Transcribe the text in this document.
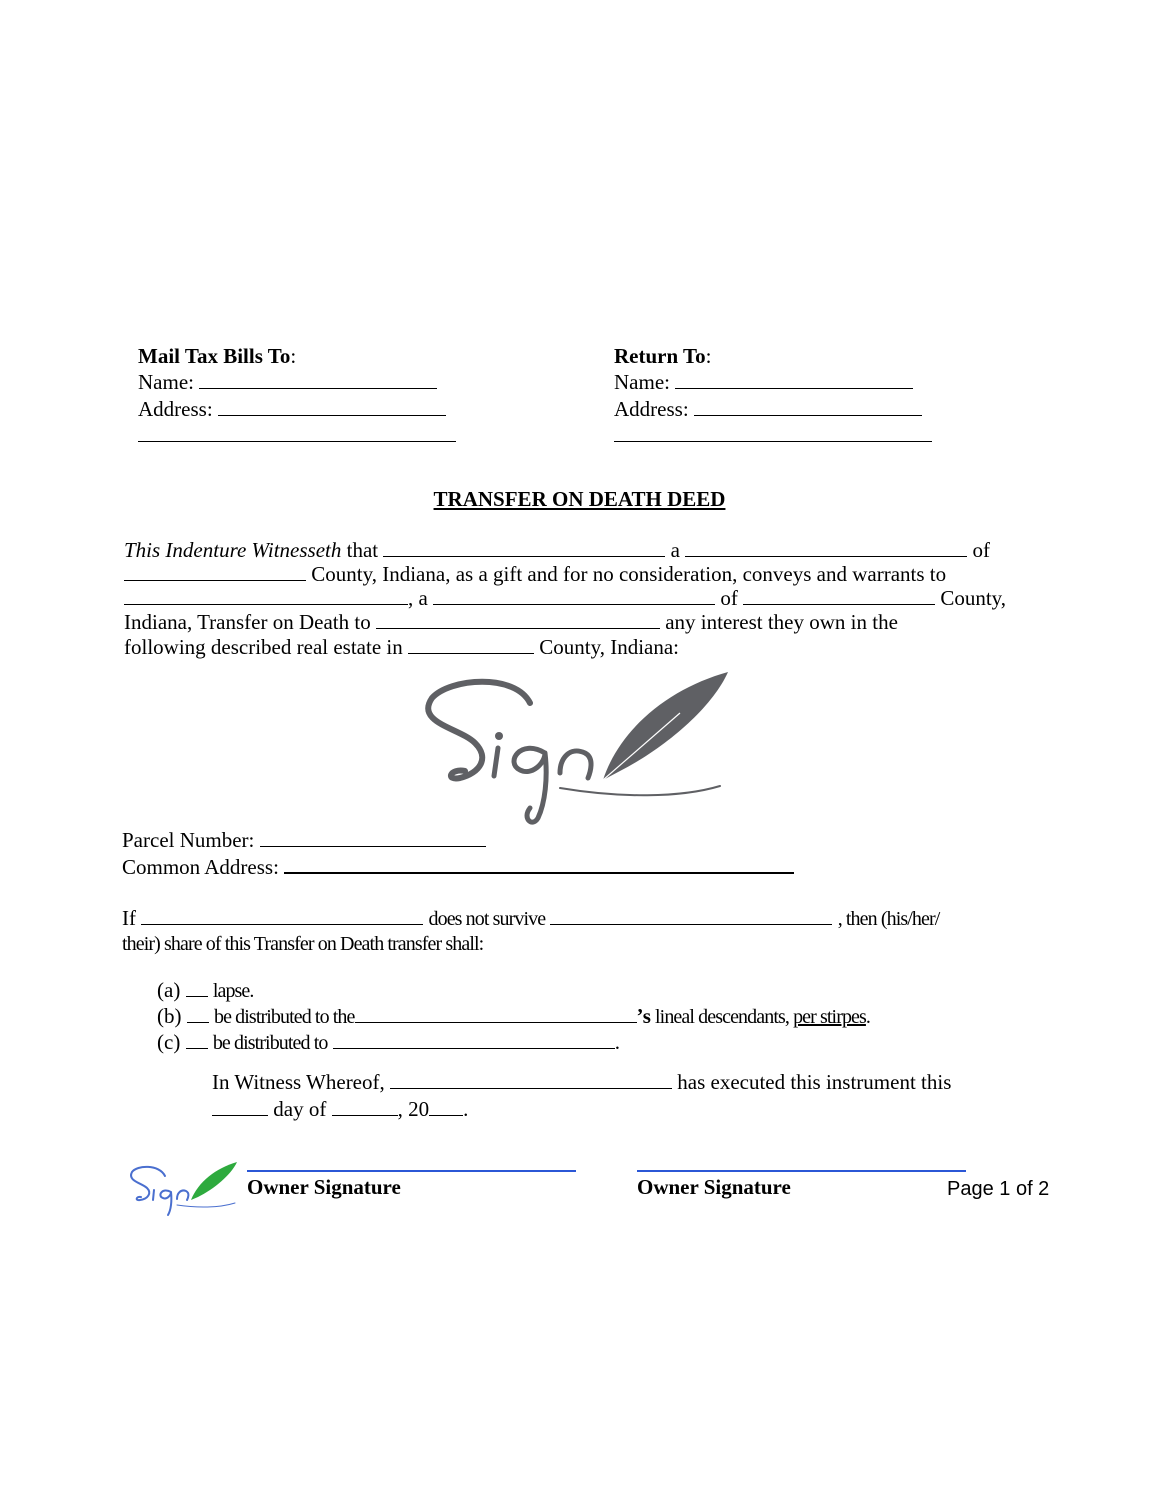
Mail Tax Bills To:
Name:
Address:
Return To:
Name:
Address:
TRANSFER ON DEATH DEED
This Indenture Witnesseth that	a	of
County, Indiana, as a gift and for no consideration, conveys and warrants to
, a	of	County,
Indiana, Transfer on Death to	any interest they own in the
following described real estate in	County, Indiana:
Sign
Parcel Number:
Common Address:
If	does not survive	, then (his/her/
their) share of this Transfer on Death transfer shall:
(a) lapse.
(b) be distributed to the	’s lineal descendants, per stirpes.
(c) be distributed to	.
In Witness Whereof,	has executed this instrument this
day of	, 20 .
Owner Signature	Owner Signature	Page 1 of 2
